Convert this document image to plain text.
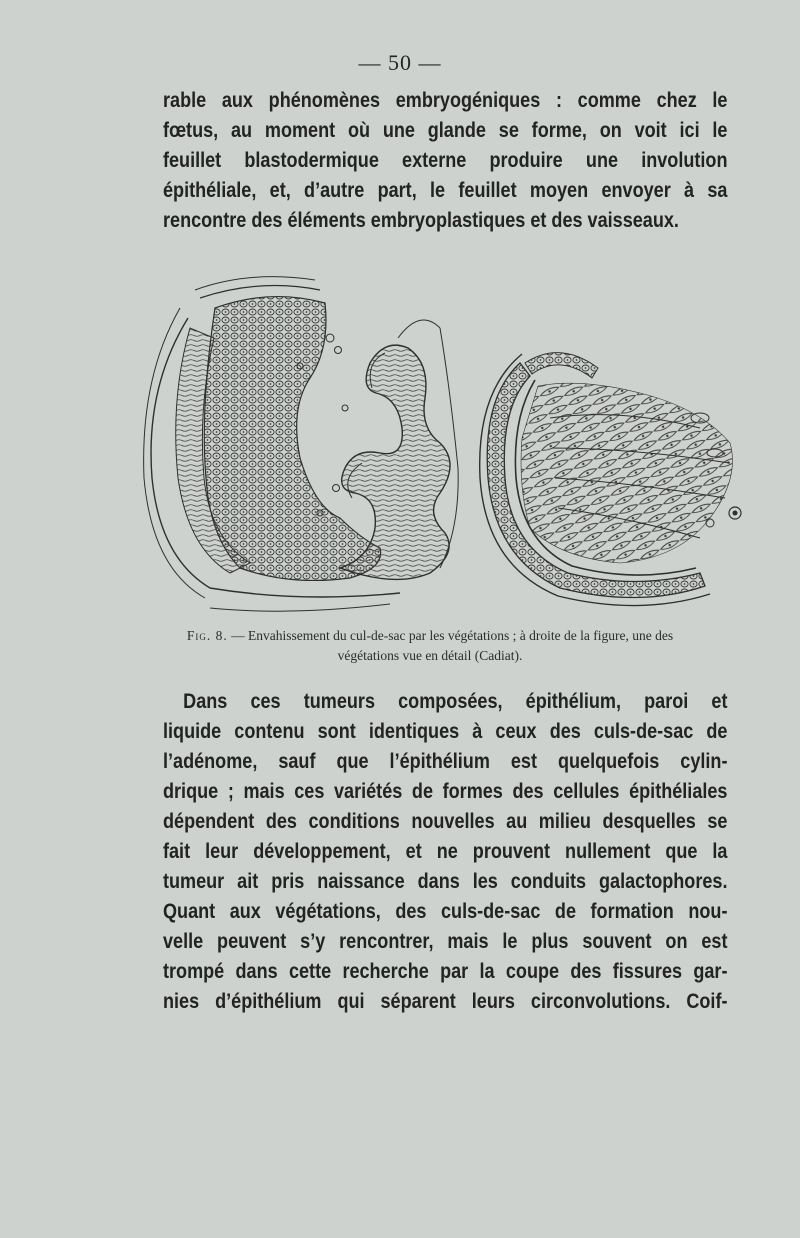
— 50 —
rable aux phénomènes embryogéniques : comme chez le
fœtus, au moment où une glande se forme, on voit ici le
feuillet blastodermique externe produire une involution
épithéliale, et, d’autre part, le feuillet moyen envoyer à sa
rencontre des éléments embryoplastiques et des vaisseaux.
Fig. 8. — Envahissement du cul-de-sac par les végétations ; à droite de la figure, une des
végétations vue en détail (Cadiat).
Dans ces tumeurs composées, épithélium, paroi et
liquide contenu sont identiques à ceux des culs-de-sac de
l’adénome, sauf que l’épithélium est quelquefois cylin-
drique ; mais ces variétés de formes des cellules épithéliales
dépendent des conditions nouvelles au milieu desquelles se
fait leur développement, et ne prouvent nullement que la
tumeur ait pris naissance dans les conduits galactophores.
Quant aux végétations, des culs-de-sac de formation nou-
velle peuvent s’y rencontrer, mais le plus souvent on est
trompé dans cette recherche par la coupe des fissures gar-
nies d’épithélium qui séparent leurs circonvolutions. Coif-
